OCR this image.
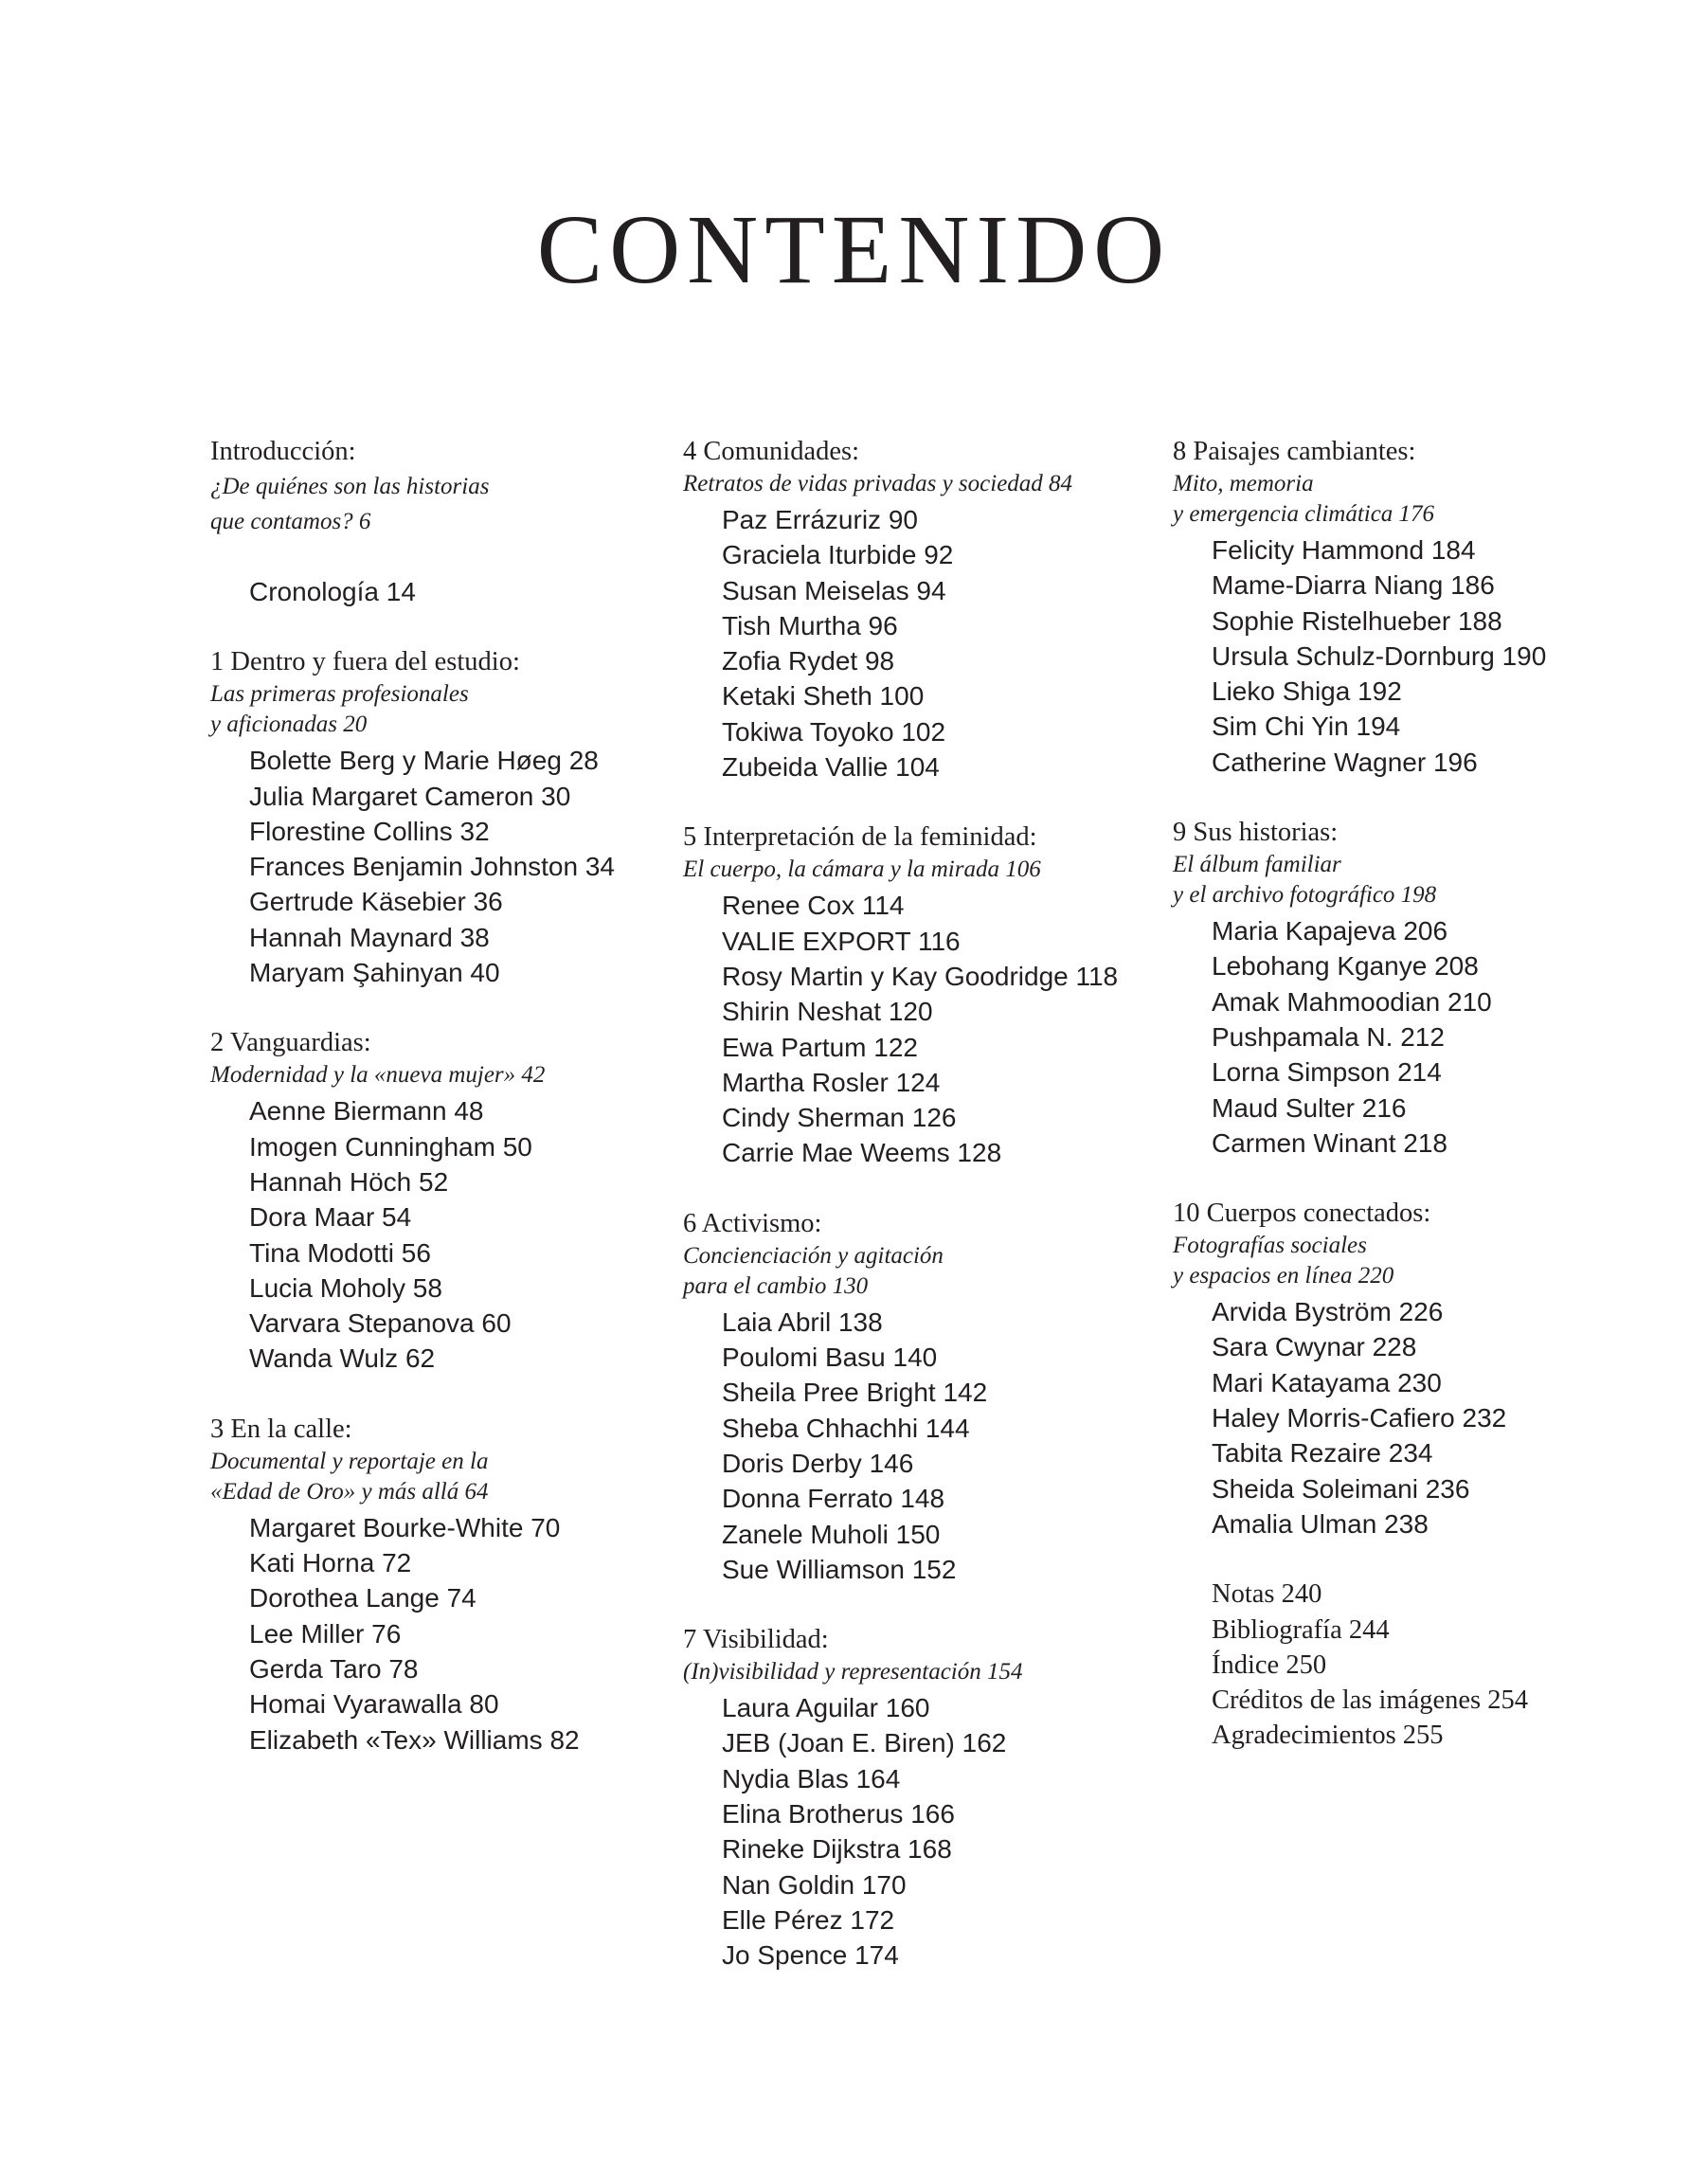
CONTENIDO
Introducción:
¿De quiénes son las historias
que contamos? 6
Cronología 14
1 Dentro y fuera del estudio:
Las primeras profesionales
y aficionadas 20
Bolette Berg y Marie Høeg 28
Julia Margaret Cameron 30
Florestine Collins 32
Frances Benjamin Johnston 34
Gertrude Käsebier 36
Hannah Maynard 38
Maryam Şahinyan 40
2 Vanguardias:
Modernidad y la «nueva mujer» 42
Aenne Biermann 48
Imogen Cunningham 50
Hannah Höch 52
Dora Maar 54
Tina Modotti 56
Lucia Moholy 58
Varvara Stepanova 60
Wanda Wulz 62
3 En la calle:
Documental y reportaje en la
«Edad de Oro» y más allá 64
Margaret Bourke-White 70
Kati Horna 72
Dorothea Lange 74
Lee Miller 76
Gerda Taro 78
Homai Vyarawalla 80
Elizabeth «Tex» Williams 82
4 Comunidades:
Retratos de vidas privadas y sociedad 84
Paz Errázuriz 90
Graciela Iturbide 92
Susan Meiselas 94
Tish Murtha 96
Zofia Rydet 98
Ketaki Sheth 100
Tokiwa Toyoko 102
Zubeida Vallie 104
5 Interpretación de la feminidad:
El cuerpo, la cámara y la mirada 106
Renee Cox 114
VALIE EXPORT 116
Rosy Martin y Kay Goodridge 118
Shirin Neshat 120
Ewa Partum 122
Martha Rosler 124
Cindy Sherman 126
Carrie Mae Weems 128
6 Activismo:
Concienciación y agitación
para el cambio 130
Laia Abril 138
Poulomi Basu 140
Sheila Pree Bright 142
Sheba Chhachhi 144
Doris Derby 146
Donna Ferrato 148
Zanele Muholi 150
Sue Williamson 152
7 Visibilidad:
(In)visibilidad y representación 154
Laura Aguilar 160
JEB (Joan E. Biren) 162
Nydia Blas 164
Elina Brotherus 166
Rineke Dijkstra 168
Nan Goldin 170
Elle Pérez 172
Jo Spence 174
8 Paisajes cambiantes:
Mito, memoria
y emergencia climática 176
Felicity Hammond 184
Mame-Diarra Niang 186
Sophie Ristelhueber 188
Ursula Schulz-Dornburg 190
Lieko Shiga 192
Sim Chi Yin 194
Catherine Wagner 196
9 Sus historias:
El álbum familiar
y el archivo fotográfico 198
Maria Kapajeva 206
Lebohang Kganye 208
Amak Mahmoodian 210
Pushpamala N. 212
Lorna Simpson 214
Maud Sulter 216
Carmen Winant 218
10 Cuerpos conectados:
Fotografías sociales
y espacios en línea 220
Arvida Byström 226
Sara Cwynar 228
Mari Katayama 230
Haley Morris-Cafiero 232
Tabita Rezaire 234
Sheida Soleimani 236
Amalia Ulman 238
Notas 240
Bibliografía 244
Índice 250
Créditos de las imágenes 254
Agradecimientos 255
